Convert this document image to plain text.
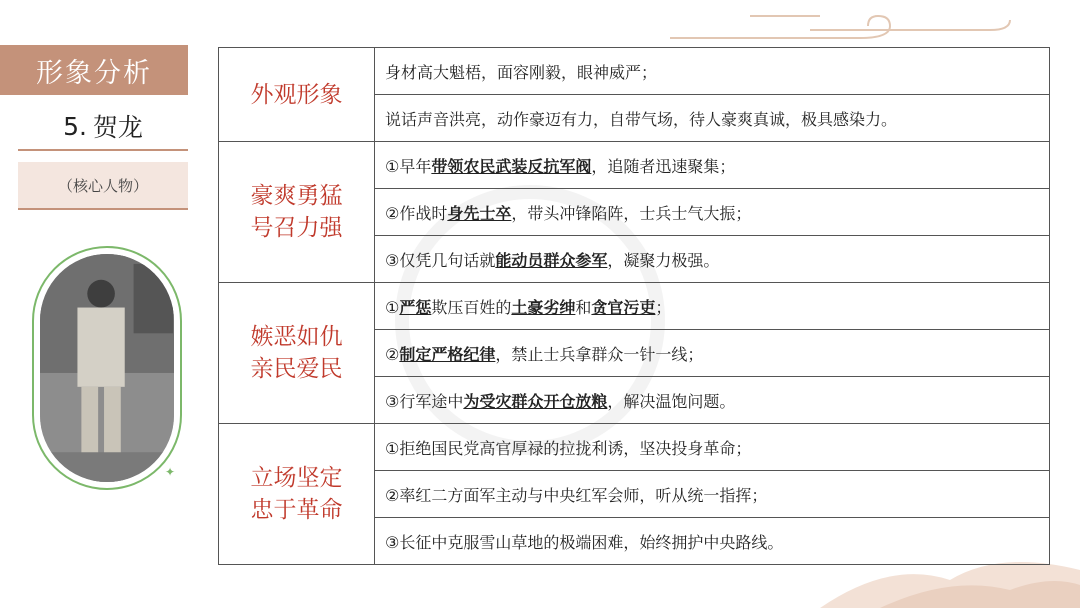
形象分析
5. 贺龙
（核心人物）
✦
外观形象	身材高大魁梧，面容刚毅，眼神威严；
	说话声音洪亮，动作豪迈有力，自带气场，待人豪爽真诚，极具感染力。
豪爽勇猛
号召力强	①早年带领农民武装反抗军阀，追随者迅速聚集；
	②作战时身先士卒，带头冲锋陷阵，士兵士气大振；
	③仅凭几句话就能动员群众参军，凝聚力极强。
嫉恶如仇
亲民爱民	①严惩欺压百姓的土豪劣绅和贪官污吏；
	②制定严格纪律，禁止士兵拿群众一针一线；
	③行军途中为受灾群众开仓放粮，解决温饱问题。
立场坚定
忠于革命	①拒绝国民党高官厚禄的拉拢利诱，坚决投身革命；
	②率红二方面军主动与中央红军会师，听从统一指挥；
	③长征中克服雪山草地的极端困难，始终拥护中央路线。
